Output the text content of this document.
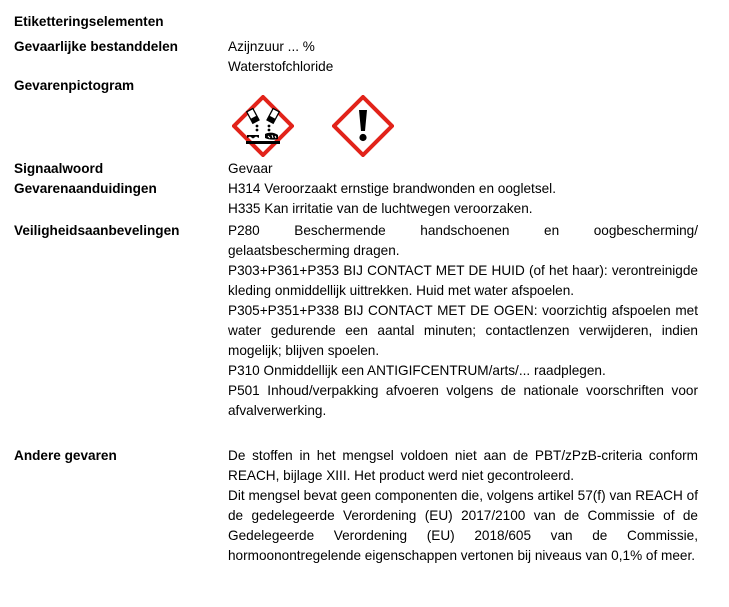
Etiketteringselementen
Gevaarlijke bestanddelen	Azijnzuur ... %
Waterstofchloride
Gevarenpictogram
Signaalwoord	Gevaar
Gevarenaanduidingen	H314 Veroorzaakt ernstige brandwonden en oogletsel.
H335 Kan irritatie van de luchtwegen veroorzaken.
Veiligheidsaanbevelingen	P280 Beschermende handschoenen en oogbescherming/ gelaatsbescherming dragen.
P303+P361+P353 BIJ CONTACT MET DE HUID (of het haar): verontreinigde kleding onmiddellijk uittrekken. Huid met water afspoelen.
P305+P351+P338 BIJ CONTACT MET DE OGEN: voorzichtig afspoelen met water gedurende een aantal minuten; contactlenzen verwijderen, indien mogelijk; blijven spoelen.
P310 Onmiddellijk een ANTIGIFCENTRUM/arts/... raadplegen.
P501 Inhoud/verpakking afvoeren volgens de nationale voorschriften voor afvalverwerking.
Andere gevaren	De stoffen in het mengsel voldoen niet aan de PBT/zPzB-criteria conform REACH, bijlage XIII. Het product werd niet gecontroleerd.
Dit mengsel bevat geen componenten die, volgens artikel 57(f) van REACH of de gedelegeerde Verordening (EU) 2017/2100 van de Commissie of de Gedelegeerde Verordening (EU) 2018/605 van de Commissie, hormoonontregelende eigenschappen vertonen bij niveaus van 0,1% of meer.
